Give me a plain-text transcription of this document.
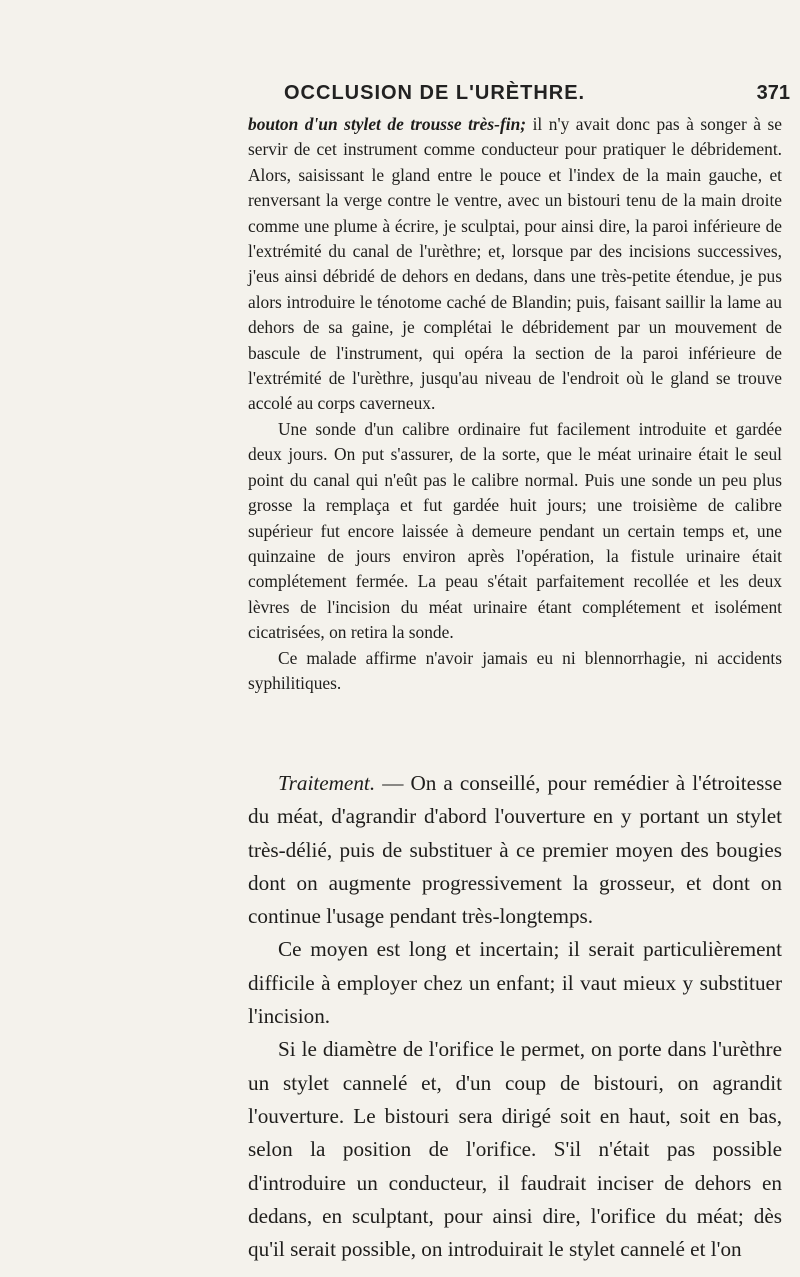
OCCLUSION DE L'URÈTHRE.	371

bouton d'un stylet de trousse très-fin; il n'y avait donc pas à songer à se servir de cet instrument comme conducteur pour pratiquer le débridement. Alors, saisissant le gland entre le pouce et l'index de la main gauche, et renversant la verge contre le ventre, avec un bistouri tenu de la main droite comme une plume à écrire, je sculptai, pour ainsi dire, la paroi inférieure de l'extrémité du canal de l'urèthre; et, lorsque par des incisions successives, j'eus ainsi débridé de dehors en dedans, dans une très-petite étendue, je pus alors introduire le ténotome caché de Blandin; puis, faisant saillir la lame au dehors de sa gaine, je complétai le débridement par un mouvement de bascule de l'instrument, qui opéra la section de la paroi inférieure de l'extrémité de l'urèthre, jusqu'au niveau de l'endroit où le gland se trouve accolé au corps caverneux.

Une sonde d'un calibre ordinaire fut facilement introduite et gardée deux jours. On put s'assurer, de la sorte, que le méat urinaire était le seul point du canal qui n'eût pas le calibre normal. Puis une sonde un peu plus grosse la remplaça et fut gardée huit jours; une troisième de calibre supérieur fut encore laissée à demeure pendant un certain temps et, une quinzaine de jours environ après l'opération, la fistule urinaire était complétement fermée. La peau s'était parfaitement recollée et les deux lèvres de l'incision du méat urinaire étant complétement et isolément cicatrisées, on retira la sonde.

Ce malade affirme n'avoir jamais eu ni blennorrhagie, ni accidents syphilitiques.

Traitement. — On a conseillé, pour remédier à l'étroitesse du méat, d'agrandir d'abord l'ouverture en y portant un stylet très-délié, puis de substituer à ce premier moyen des bougies dont on augmente progressivement la grosseur, et dont on continue l'usage pendant très-longtemps.

Ce moyen est long et incertain; il serait particulièrement difficile à employer chez un enfant; il vaut mieux y substituer l'incision.

Si le diamètre de l'orifice le permet, on porte dans l'urèthre un stylet cannelé et, d'un coup de bistouri, on agrandit l'ouverture. Le bistouri sera dirigé soit en haut, soit en bas, selon la position de l'orifice. S'il n'était pas possible d'introduire un conducteur, il faudrait inciser de dehors en dedans, en sculptant, pour ainsi dire, l'orifice du méat; dès qu'il serait possible, on introduirait le stylet cannelé et l'on
